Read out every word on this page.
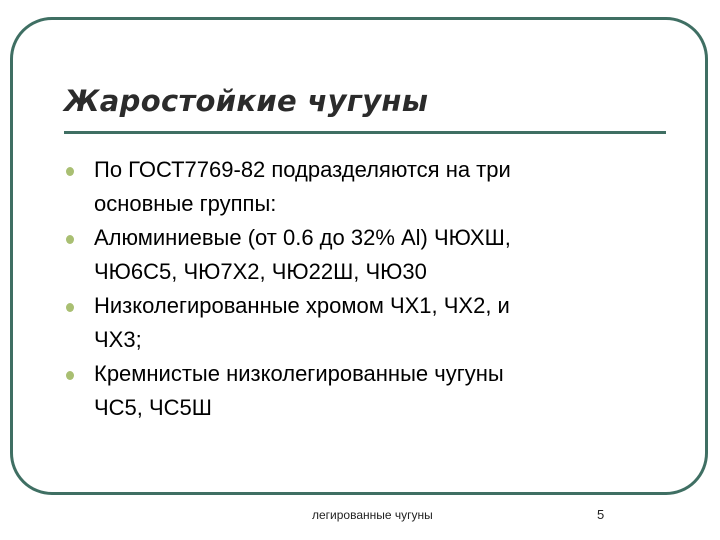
Жаростойкие чугуны
По ГОСТ7769-82 подразделяются на три
основные группы:
Алюминиевые (от 0.6 до 32% Al) ЧЮХШ,
ЧЮ6С5, ЧЮ7Х2, ЧЮ22Ш, ЧЮ30
Низколегированные хромом ЧХ1, ЧХ2, и
ЧХ3;
Кремнистые низколегированные чугуны
ЧС5, ЧС5Ш
легированные чугуны	5
